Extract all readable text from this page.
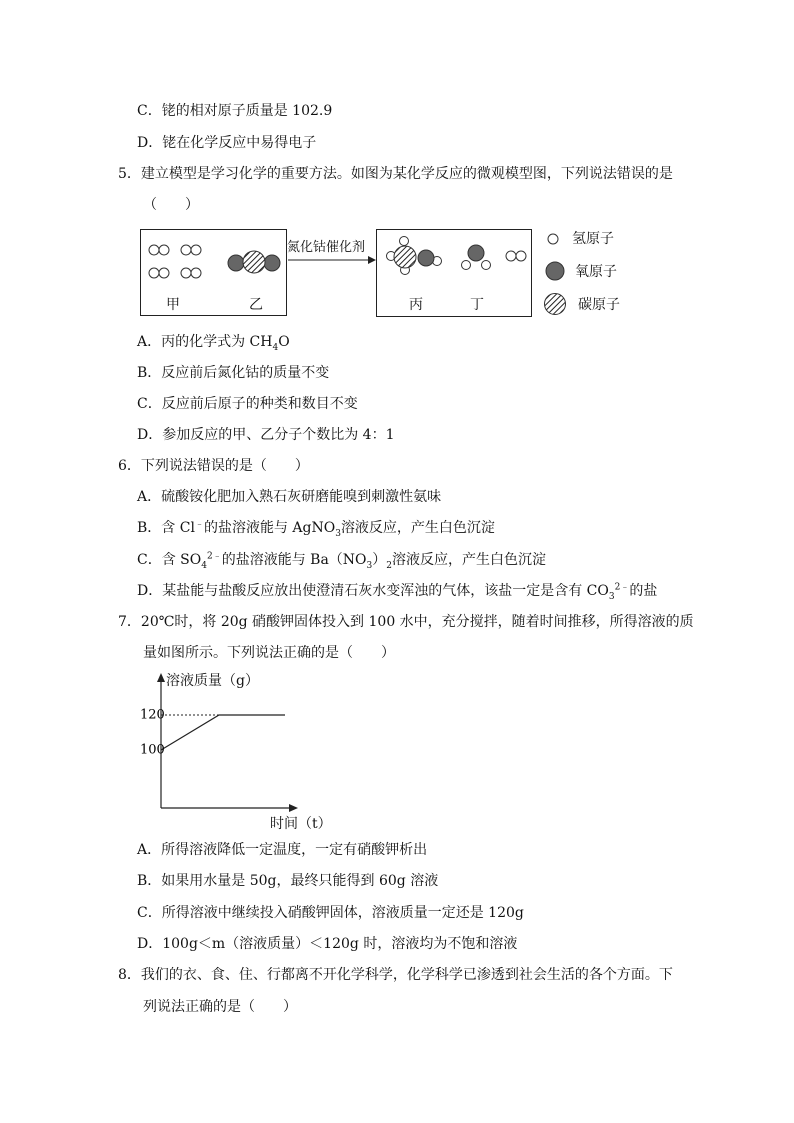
C．铑的相对原子质量是 102.9
D．铑在化学反应中易得电子
5．建立模型是学习化学的重要方法。如图为某化学反应的微观模型图，下列说法错误的是
（　　）
甲	乙
氮化钴催化剂
丙	丁
氢原子
氧原子
碳原子
A．丙的化学式为 $CH_4O$
B．反应前后氮化钴的质量不变
C．反应前后原子的种类和数目不变
D．参加反应的甲、乙分子个数比为 4：1
6．下列说法错误的是（　　）
A．硫酸铵化肥加入熟石灰研磨能嗅到刺激性氨味
B．含 Cl﹣的盐溶液能与 AgNO$_3$溶液反应，产生白色沉淀
C．含 $SO_4^{2﹣}$的盐溶液能与 $Ba(NO_3)_2$溶液反应，产生白色沉淀
D．某盐能与盐酸反应放出使澄清石灰水变浑浊的气体，该盐一定是含有 $CO_3^{2﹣}$的盐
7．20℃时，将 20g 硝酸钾固体投入到 100 水中，充分搅拌，随着时间推移，所得溶液的质
量如图所示。下列说法正确的是（　　）
120
100
溶液质量（g）
时间（t）
A．所得溶液降低一定温度，一定有硝酸钾析出
B．如果用水量是 50g，最终只能得到 60g 溶液
C．所得溶液中继续投入硝酸钾固体，溶液质量一定还是 120g
D．100g＜m（溶液质量）＜120g 时，溶液均为不饱和溶液
8．我们的衣、食、住、行都离不开化学科学，化学科学已渗透到社会生活的各个方面。下
列说法正确的是（　　）
